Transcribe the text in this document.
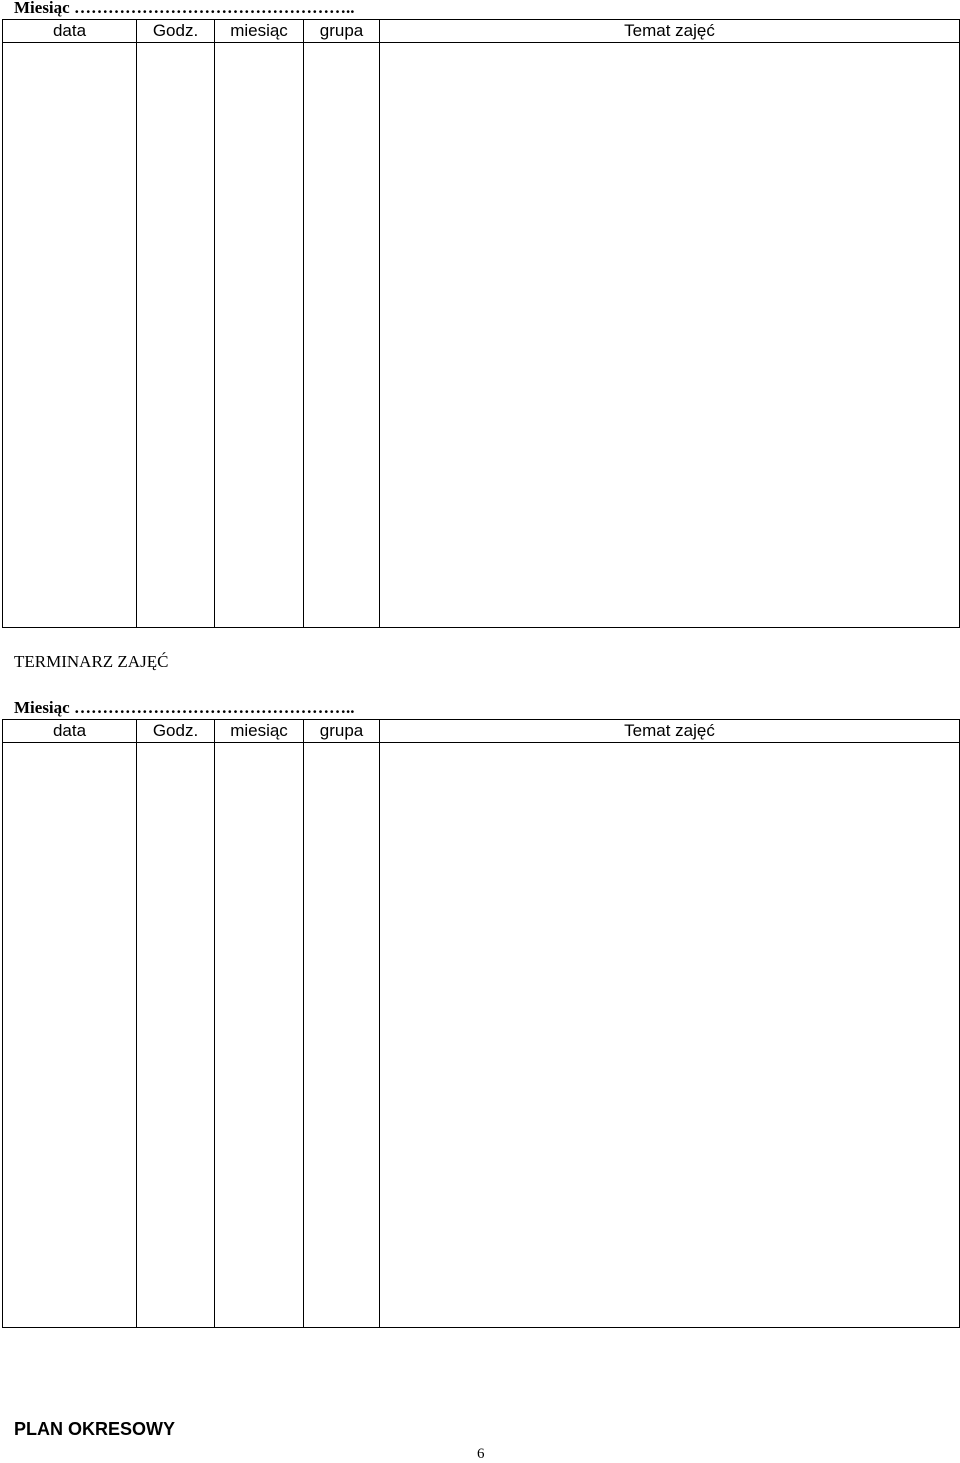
Miesiąc …………………………………………..
data	Godz.	miesiąc	grupa	Temat zajęć

TERMINARZ ZAJĘĆ
Miesiąc …………………………………………..
data	Godz.	miesiąc	grupa	Temat zajęć

PLAN OKRESOWY
6
